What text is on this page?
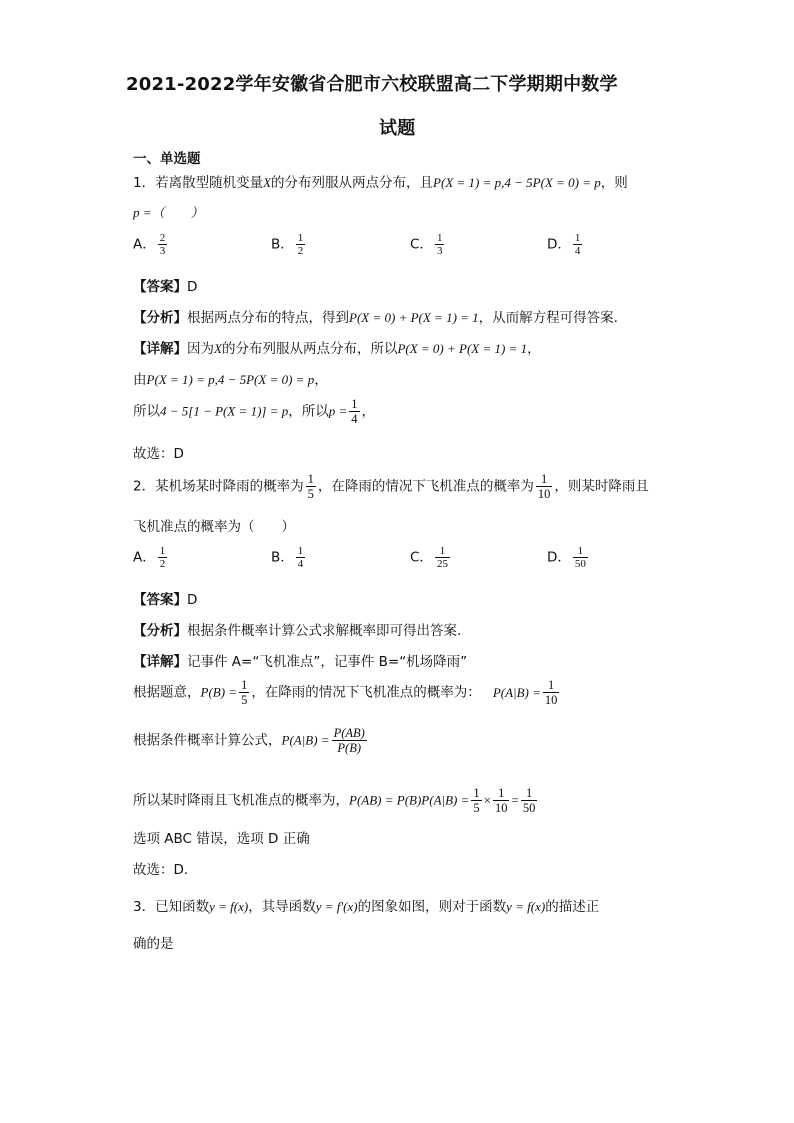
2021-2022学年安徽省合肥市六校联盟高二下学期期中数学
试题
一、单选题
1．若离散型随机变量X的分布列服从两点分布，且P(X = 1) = p,4 − 5P(X = 0) = p，则
p =（　　）
A． $\frac{2}{3}$	B． $\frac{1}{2}$	C． $\frac{1}{3}$	D． $\frac{1}{4}$
【答案】D
【分析】根据两点分布的特点，得到P(X = 0) + P(X = 1) = 1，从而解方程可得答案.
【详解】因为X的分布列服从两点分布，所以P(X = 0) + P(X = 1) = 1，
由P(X = 1) = p,4 − 5P(X = 0) = p，
所以4 − 5[1 − P(X = 1)] = p，所以$p = \frac{1}{4}$ ，
故选：D
2．某机场某时降雨的概率为 $\frac{1}{5}$ ，在降雨的情况下飞机准点的概率为 $\frac{1}{10}$ ，则某时降雨且
飞机准点的概率为（　　）
A． $\frac{1}{2}$	B． $\frac{1}{4}$	C． $\frac{1}{25}$	D． $\frac{1}{50}$
【答案】D
【分析】根据条件概率计算公式求解概率即可得出答案.
【详解】记事件 A=“飞机准点”，记事件 B=“机场降雨”
根据题意，$P(B) = \frac{1}{5}$ ，在降雨的情况下飞机准点的概率为： $P(A|B) = \frac{1}{10}$
根据条件概率计算公式，$P(A|B) = \frac{P(AB)}{P(B)}$
所以某时降雨且飞机准点的概率为，$P(AB) = P(B)P(A|B) = \frac{1}{5} \times \frac{1}{10} = \frac{1}{50}$
选项 ABC 错误，选项 D 正确
故选：D.
3．已知函数y = f(x)，其导函数y = f′(x)的图象如图，则对于函数y = f(x)的描述正
确的是
